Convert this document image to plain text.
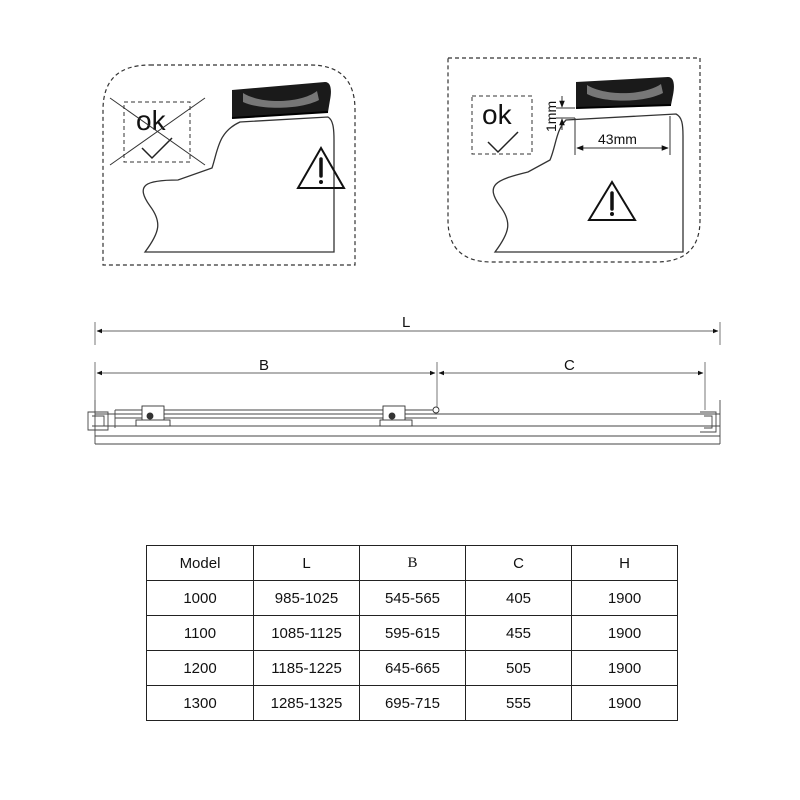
ok	ok 1mm
43mm
L
B	C
Model	L	B	C	H
1000	985-1025	545-565	405	1900
1100	1085-1125	595-615	455	1900
1200	1185-1225	645-665	505	1900
1300	1285-1325	695-715	555	1900
